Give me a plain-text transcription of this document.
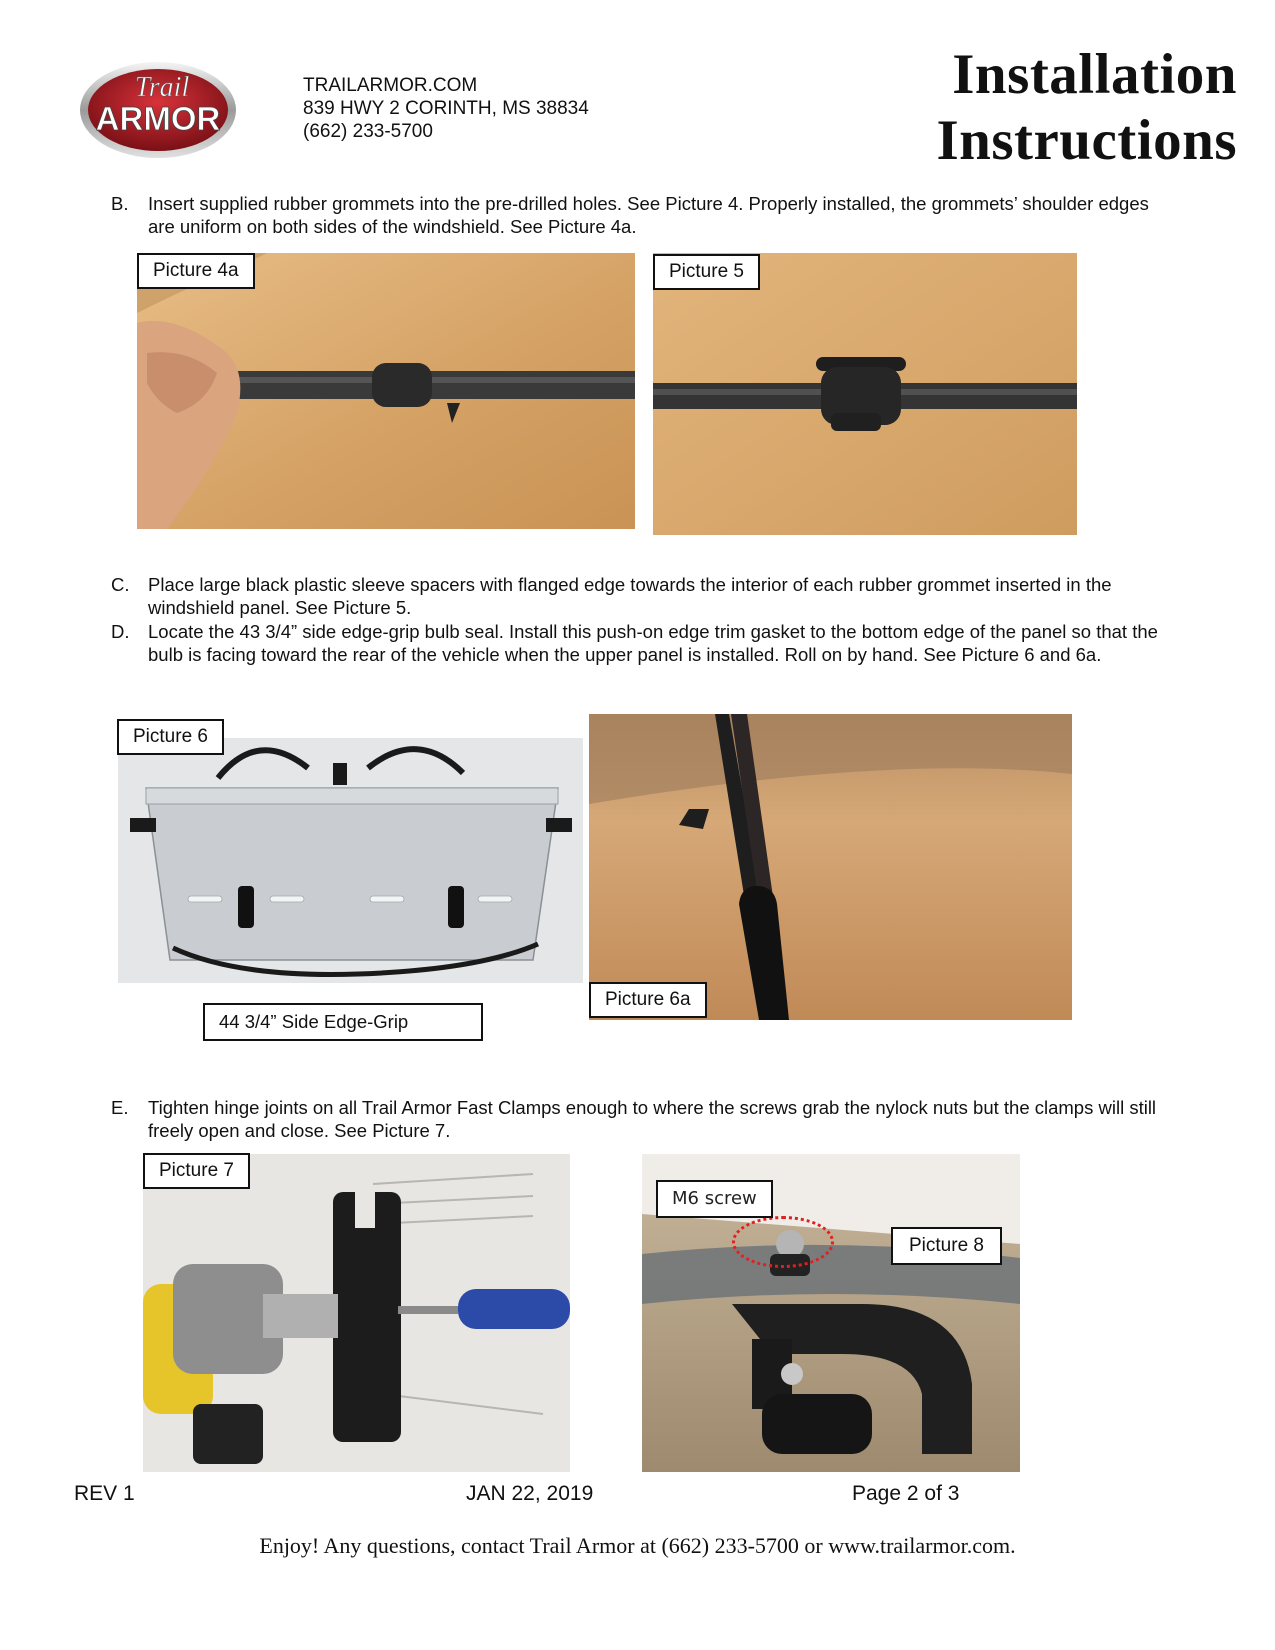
Trail
ARMOR
TRAILARMOR.COM
839 HWY 2 CORINTH, MS 38834
(662) 233-5700
Installation
Instructions
B. Insert supplied rubber grommets into the pre-drilled holes. See Picture 4. Properly installed, the grommets’ shoulder edges are uniform on both sides of the windshield. See Picture 4a.
Picture 4a	Picture 5
C. Place large black plastic sleeve spacers with flanged edge towards the interior of each rubber grommet inserted in the windshield panel. See Picture 5.
D. Locate the 43 3/4” side edge-grip bulb seal. Install this push-on edge trim gasket to the bottom edge of the panel so that the bulb is facing toward the rear of the vehicle when the upper panel is installed. Roll on by hand. See Picture 6 and 6a.
Picture 6
44 3/4” Side Edge-Grip
Picture 6a
E. Tighten hinge joints on all Trail Armor Fast Clamps enough to where the screws grab the nylock nuts but the clamps will still freely open and close. See Picture 7.
Picture 7
M6 screw
Picture 8
REV 1	JAN 22, 2019	Page 2 of 3
Enjoy! Any questions, contact Trail Armor at (662) 233-5700 or www.trailarmor.com.
